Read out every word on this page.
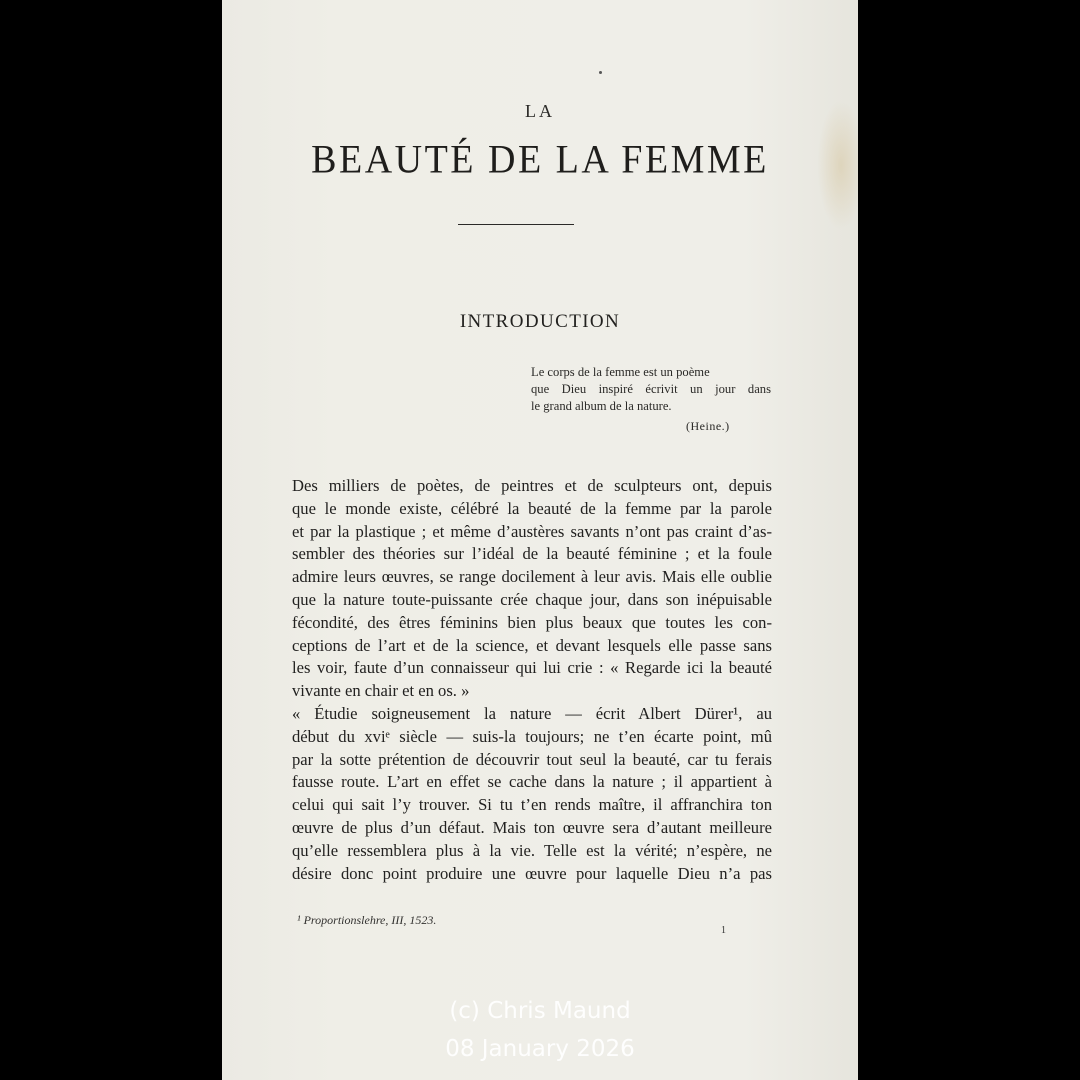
LA
BEAUTÉ DE LA FEMME
INTRODUCTION
Le corps de la femme est un poème
que Dieu inspiré écrivit un jour dans
le grand album de la nature.
(Heine.)
Des milliers de poètes, de peintres et de sculpteurs ont, depuis
que le monde existe, célébré la beauté de la femme par la parole
et par la plastique ; et même d’austères savants n’ont pas craint d’as-
sembler des théories sur l’idéal de la beauté féminine ; et la foule
admire leurs œuvres, se range docilement à leur avis. Mais elle oublie
que la nature toute-puissante crée chaque jour, dans son inépuisable
fécondité, des êtres féminins bien plus beaux que toutes les con-
ceptions de l’art et de la science, et devant lesquels elle passe sans
les voir, faute d’un connaisseur qui lui crie : « Regarde ici la beauté
vivante en chair et en os. »
« Étudie soigneusement la nature — écrit Albert Dürer¹, au
début du xviᵉ siècle — suis-la toujours; ne t’en écarte point, mû
par la sotte prétention de découvrir tout seul la beauté, car tu ferais
fausse route. L’art en effet se cache dans la nature ; il appartient à
celui qui sait l’y trouver. Si tu t’en rends maître, il affranchira ton
œuvre de plus d’un défaut. Mais ton œuvre sera d’autant meilleure
qu’elle ressemblera plus à la vie. Telle est la vérité; n’espère, ne
désire donc point produire une œuvre pour laquelle Dieu n’a pas
¹ Proportionslehre, III, 1523.
1
(c) Chris Maund
08 January 2026
